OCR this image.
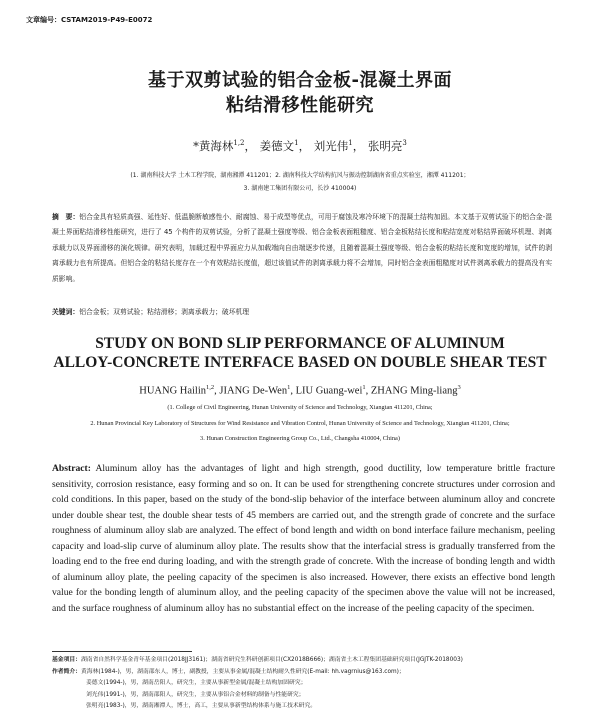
文章编号：CSTAM2019-P49-E0072
基于双剪试验的铝合金板-混凝土界面
粘结滑移性能研究
*黄海林$^{1,2}$， 姜德文$^1$， 刘光伟$^1$， 张明亮$^3$
(1. 湖南科技大学 土木工程学院，湖南湘潭 411201；2. 湖南科技大学结构抗风与振动控制湖南省重点实验室，湘潭 411201；
3. 湖南建工集团有限公司，长沙 410004)
摘　要：铝合金具有轻质高强、延性好、低温脆断敏感性小、耐腐蚀、易于成型等优点，可用于腐蚀及寒冷环境下的混凝土结构加固。本文基于双剪试验下的铝合金-混凝土界面粘结滑移性能研究，进行了 45 个构件的双剪试验，分析了混凝土强度等级、铝合金板表面粗糙度、铝合金板粘结长度和粘结宽度对粘结界面破坏机理、剥离承载力以及界面滑移的演化规律。研究表明，加载过程中界面应力从加载端向自由端逐步传递，且随着混凝土强度等级、铝合金板的粘结长度和宽度的增加，试件的剥离承载力也有所提高。但铝合金的粘结长度存在一个有效粘结长度值，超过该值试件的剥离承载力将不会增加，同时铝合金表面粗糙度对试件剥离承载力的提高没有实质影响。
关键词：铝合金板；双剪试验；粘结滑移；剥离承载力；破坏机理
STUDY ON BOND SLIP PERFORMANCE OF ALUMINUM
ALLOY-CONCRETE INTERFACE BASED ON DOUBLE SHEAR TEST
HUANG Hailin$^{1,2}$, JIANG De-Wen$^1$, LIU Guang-wei$^1$, ZHANG Ming-liang$^3$
(1. College of Civil Engineering, Hunan University of Science and Technology, Xiangtan 411201, China;
2. Hunan Provincial Key Laboratory of Structures for Wind Resistance and Vibration Control, Hunan University of Science and Technology, Xiangtan 411201, China;
3. Hunan Construction Engineering Group Co., Ltd., Changsha 410004, China)
Abstract: Aluminum alloy has the advantages of light and high strength, good ductility, low temperature brittle fracture sensitivity, corrosion resistance, easy forming and so on. It can be used for strengthening concrete structures under corrosion and cold conditions. In this paper, based on the study of the bond-slip behavior of the interface between aluminum alloy and concrete under double shear test, the double shear tests of 45 members are carried out, and the strength grade of concrete and the surface roughness of aluminum alloy slab are analyzed. The effect of bond length and width on bond interface failure mechanism, peeling capacity and load-slip curve of aluminum alloy plate. The results show that the interfacial stress is gradually transferred from the loading end to the free end during loading, and with the strength grade of concrete. With the increase of bonding length and width of aluminum alloy plate, the peeling capacity of the specimen is also increased. However, there exists an effective bond length value for the bonding length of aluminum alloy, and the peeling capacity of the specimen above the value will not be increased, and the surface roughness of aluminum alloy has no substantial effect on the increase of the peeling capacity of the specimen.
基金项目：湖南省自然科学基金青年基金项目(2018JJ3161)；湖南省研究生科研创新项目(CX2018B666)；湖南省土木工程集团基础研究项目(JGJTK-2018003)
作者简介：黄海林(1984-)，男，湖南邵东人，博士，副教授，主要从事金属/混凝土结构耐久性研究(E-mail: hh.vagrnius@163.com)；
姜德文(1994-)，男，湖南岳阳人，研究生，主要从事新型金属/混凝土结构加固研究；
刘光伟(1991-)，男，湖南邵阳人，研究生，主要从事铝合金材料的制备与性能研究；
张明亮(1983-)，男，湖南湘潭人，博士，高工，主要从事新型结构体系与施工技术研究。
